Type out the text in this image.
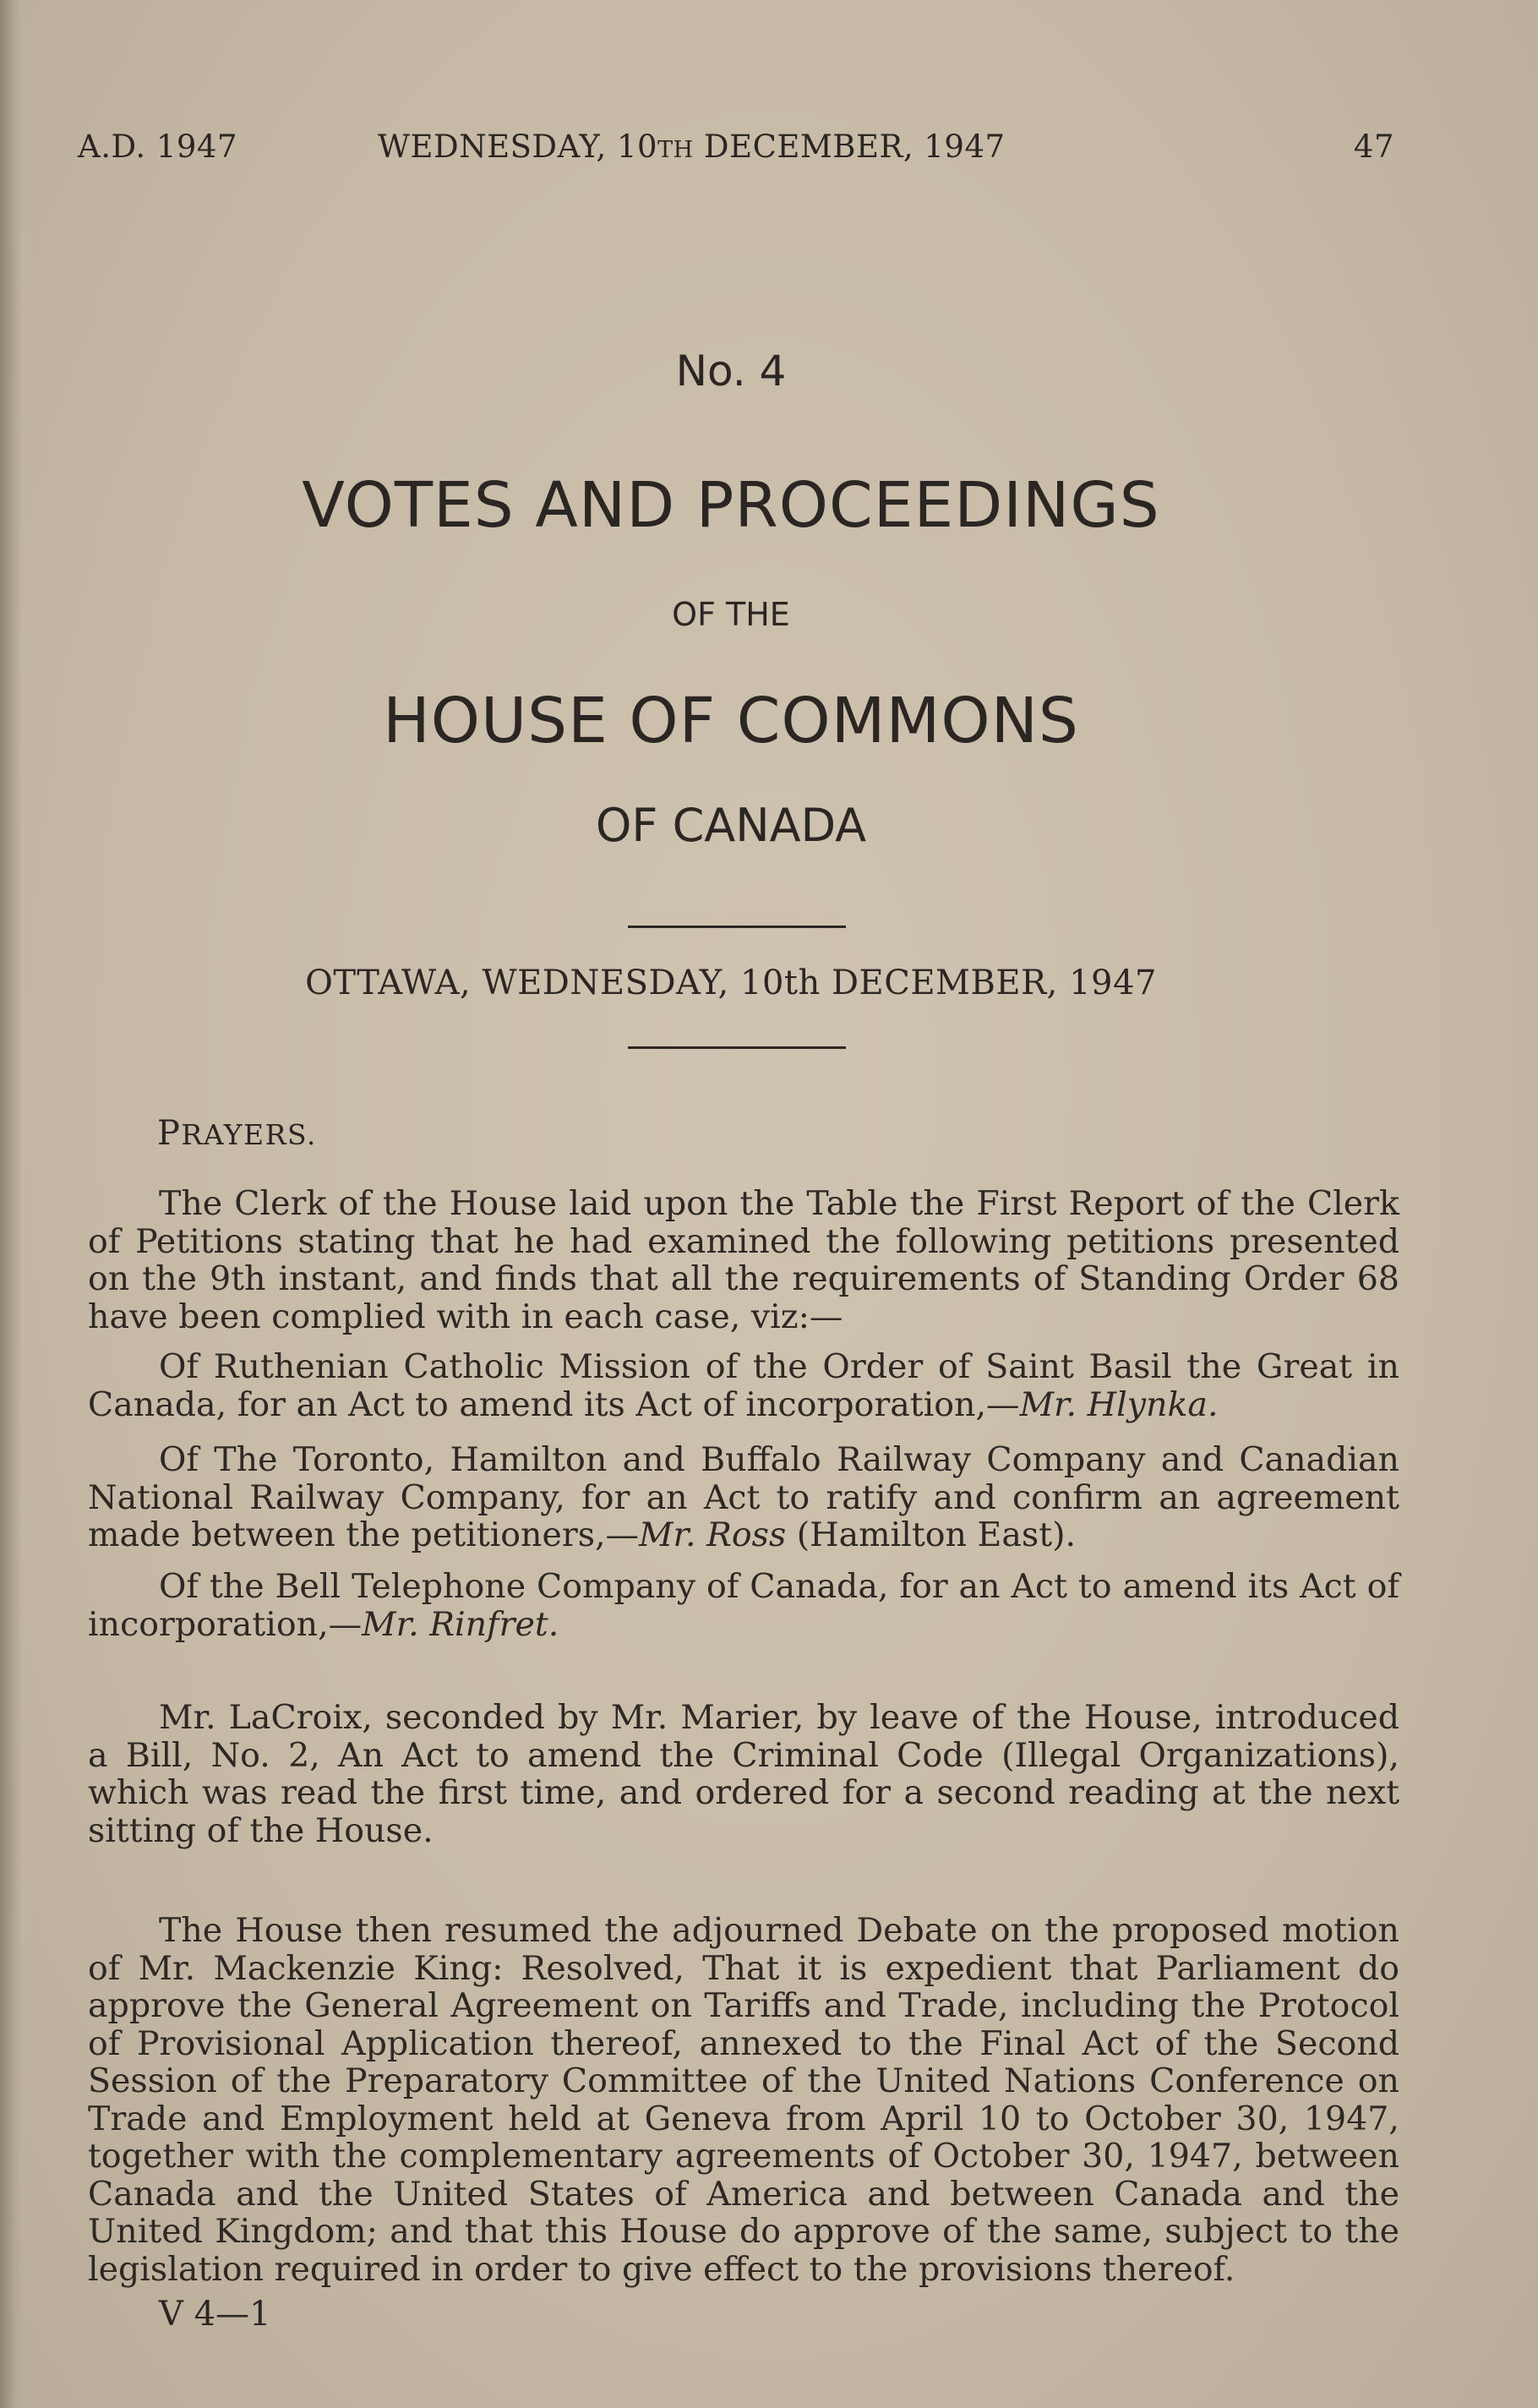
A.D. 1947	WEDNESDAY, 10TH DECEMBER, 1947	47
No. 4
VOTES AND PROCEEDINGS
OF THE
HOUSE OF COMMONS
OF CANADA
OTTAWA, WEDNESDAY, 10th DECEMBER, 1947
PRAYERS.

The Clerk of the House laid upon the Table the First Report of the Clerk of Petitions stating that he had examined the following petitions presented on the 9th instant, and finds that all the requirements of Standing Order 68 have been complied with in each case, viz:—

Of Ruthenian Catholic Mission of the Order of Saint Basil the Great in Canada, for an Act to amend its Act of incorporation,—Mr. Hlynka.

Of The Toronto, Hamilton and Buffalo Railway Company and Canadian National Railway Company, for an Act to ratify and confirm an agreement made between the petitioners,—Mr. Ross (Hamilton East).

Of the Bell Telephone Company of Canada, for an Act to amend its Act of incorporation,—Mr. Rinfret.

Mr. LaCroix, seconded by Mr. Marier, by leave of the House, introduced a Bill, No. 2, An Act to amend the Criminal Code (Illegal Organizations), which was read the first time, and ordered for a second reading at the next sitting of the House.

The House then resumed the adjourned Debate on the proposed motion of Mr. Mackenzie King: Resolved, That it is expedient that Parliament do approve the General Agreement on Tariffs and Trade, including the Protocol of Provisional Application thereof, annexed to the Final Act of the Second Session of the Preparatory Committee of the United Nations Conference on Trade and Employment held at Geneva from April 10 to October 30, 1947, together with the complementary agreements of October 30, 1947, between Canada and the United States of America and between Canada and the United Kingdom; and that this House do approve of the same, subject to the legislation required in order to give effect to the provisions thereof.

V 4—1
